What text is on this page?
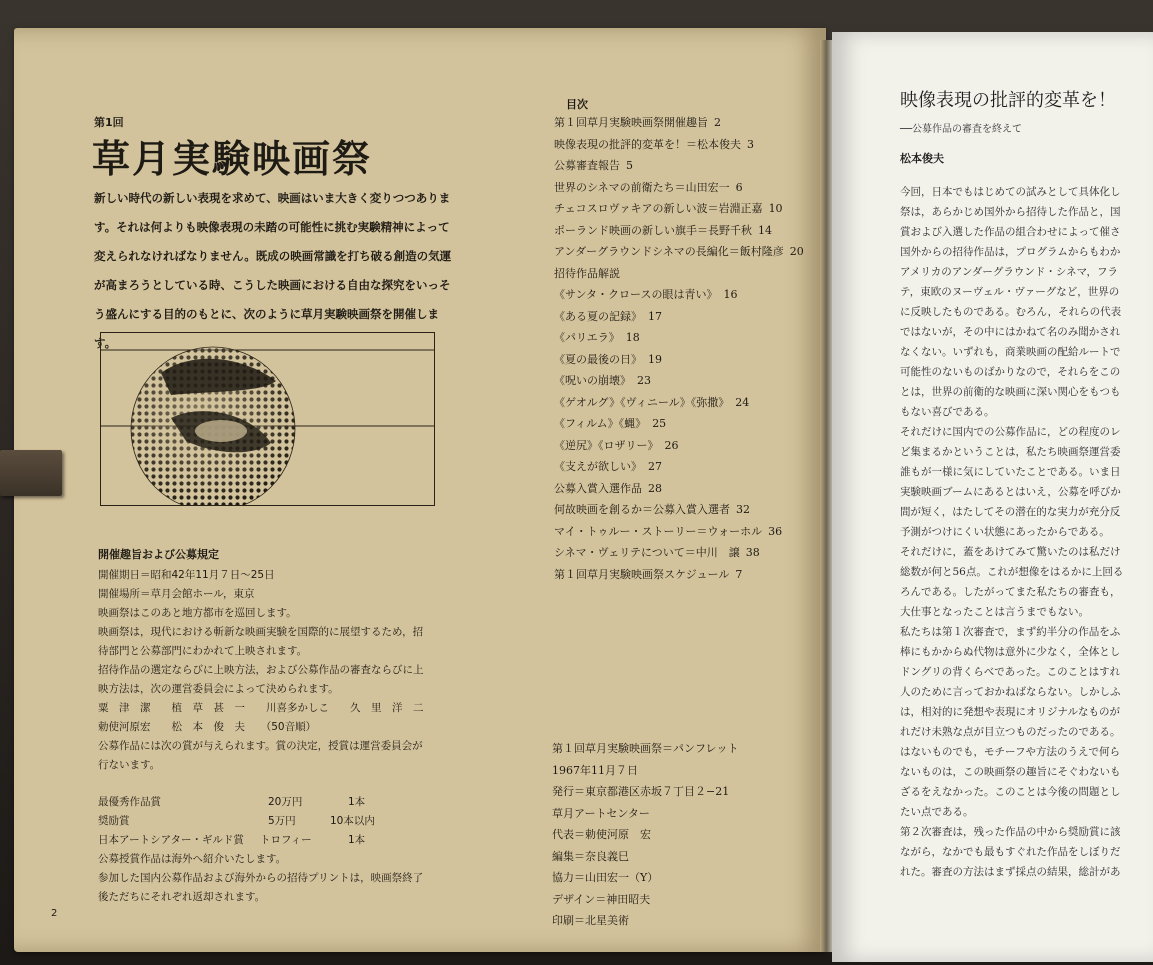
第1回
草月実験映画祭
新しい時代の新しい表現を求めて、映画はいま大きく変りつつありま
す。それは何よりも映像表現の未踏の可能性に挑む実験精神によって
変えられなければなりません。既成の映画常識を打ち破る創造の気運
が高まろうとしている時、こうした映画における自由な探究をいっそ
う盛んにする目的のもとに、次のように草月実験映画祭を開催します。
開催趣旨および公募規定
開催期日＝昭和42年11月７日〜25日
開催場所＝草月会館ホール，東京
映画祭はこのあと地方都市を巡回します。
映画祭は，現代における斬新な映画実験を国際的に展望するため，招
待部門と公募部門にわかれて上映されます。
招待作品の選定ならびに上映方法，および公募作品の審査ならびに上
映方法は，次の運営委員会によって決められます。
粟　津　潔　　植　草　甚　一　　川喜多かしこ　　久　里　洋　二
勅使河原宏　　松　本　俊　夫　　（50音順）
公募作品には次の賞が与えられます。賞の決定，授賞は運営委員会が
行ないます。
最優秀作品賞	20万円	1本
奨励賞	5万円	10本以内
日本アートシアター・ギルド賞 トロフィー	1本
公募授賞作品は海外へ紹介いたします。
参加した国内公募作品および海外からの招待プリントは，映画祭終了
後ただちにそれぞれ返却されます。
2
目次
第１回草月実験映画祭開催趣旨 2
映像表現の批評的変革を！＝松本俊夫 3
公募審査報告 5
世界のシネマの前衛たち＝山田宏一 6
チェコスロヴァキアの新しい波＝岩淵正嘉 10
ポーランド映画の新しい旗手＝長野千秋 14
アンダーグラウンドシネマの長編化＝飯村隆彦 20
招待作品解説
《サンタ・クロースの眼は青い》 16
《ある夏の記録》 17
《パリエラ》 18
《夏の最後の日》 19
《呪いの崩壊》 23
《ゲオルグ》《ヴィニール》《弥撒》 24
《フィルム》《蝿》 25
《逆尻》《ロザリー》 26
《支えが欲しい》 27
公募入賞入選作品 28
何故映画を創るか＝公募入賞入選者 32
マイ・トゥルー・ストーリー＝ウォーホル 36
シネマ・ヴェリテについて＝中川　譲 38
第１回草月実験映画祭スケジュール 7
第１回草月実験映画祭＝パンフレット
1967年11月７日
発行＝東京都港区赤坂７丁目２−21
草月アートセンター
代表＝勅使河原　宏
編集＝奈良義巳
協力＝山田宏一（Y）
デザイン＝神田昭夫
印刷＝北星美術
映像表現の批評的変革を！
──公募作品の審査を終えて
松本俊夫
今回，日本でもはじめての試みとして具体化し
祭は，あらかじめ国外から招待した作品と，国
賞および入選した作品の組合わせによって催さ
国外からの招待作品は，プログラムからもわか
アメリカのアンダーグラウンド・シネマ，フラ
テ，東欧のヌーヴェル・ヴァーグなど，世界の
に反映したものである。むろん，それらの代表
ではないが，その中にはかねて名のみ聞かされ
なくない。いずれも，商業映画の配給ルートで
可能性のないものばかりなので，それらをこの
とは，世界の前衛的な映画に深い関心をもつも
もない喜びである。
それだけに国内での公募作品に，どの程度のレ
ど集まるかということは，私たち映画祭運営委
誰もが一様に気にしていたことである。いま日
実験映画ブームにあるとはいえ，公募を呼びか
間が短く，はたしてその潜在的な実力が充分反
予測がつけにくい状態にあったからである。
それだけに，蓋をあけてみて驚いたのは私だけ
総数が何と56点。これが想像をはるかに上回る
ろんである。したがってまた私たちの審査も，
大仕事となったことは言うまでもない。
私たちは第１次審査で，まず約半分の作品をふ
棒にもかからぬ代物は意外に少なく，全体とし
ドングリの背くらべであった。このことはすれ
人のために言っておかねばならない。しかしふ
は，相対的に発想や表現にオリジナルなものが
れだけ未熟な点が目立つものだったのである。
はないものでも，モチーフや方法のうえで何ら
ないものは，この映画祭の趣旨にそぐわないも
ざるをえなかった。このことは今後の問題とし
たい点である。
第２次審査は，残った作品の中から奨励賞に該
ながら，なかでも最もすぐれた作品をしぼりだ
れた。審査の方法はまず採点の結果，総計があ
